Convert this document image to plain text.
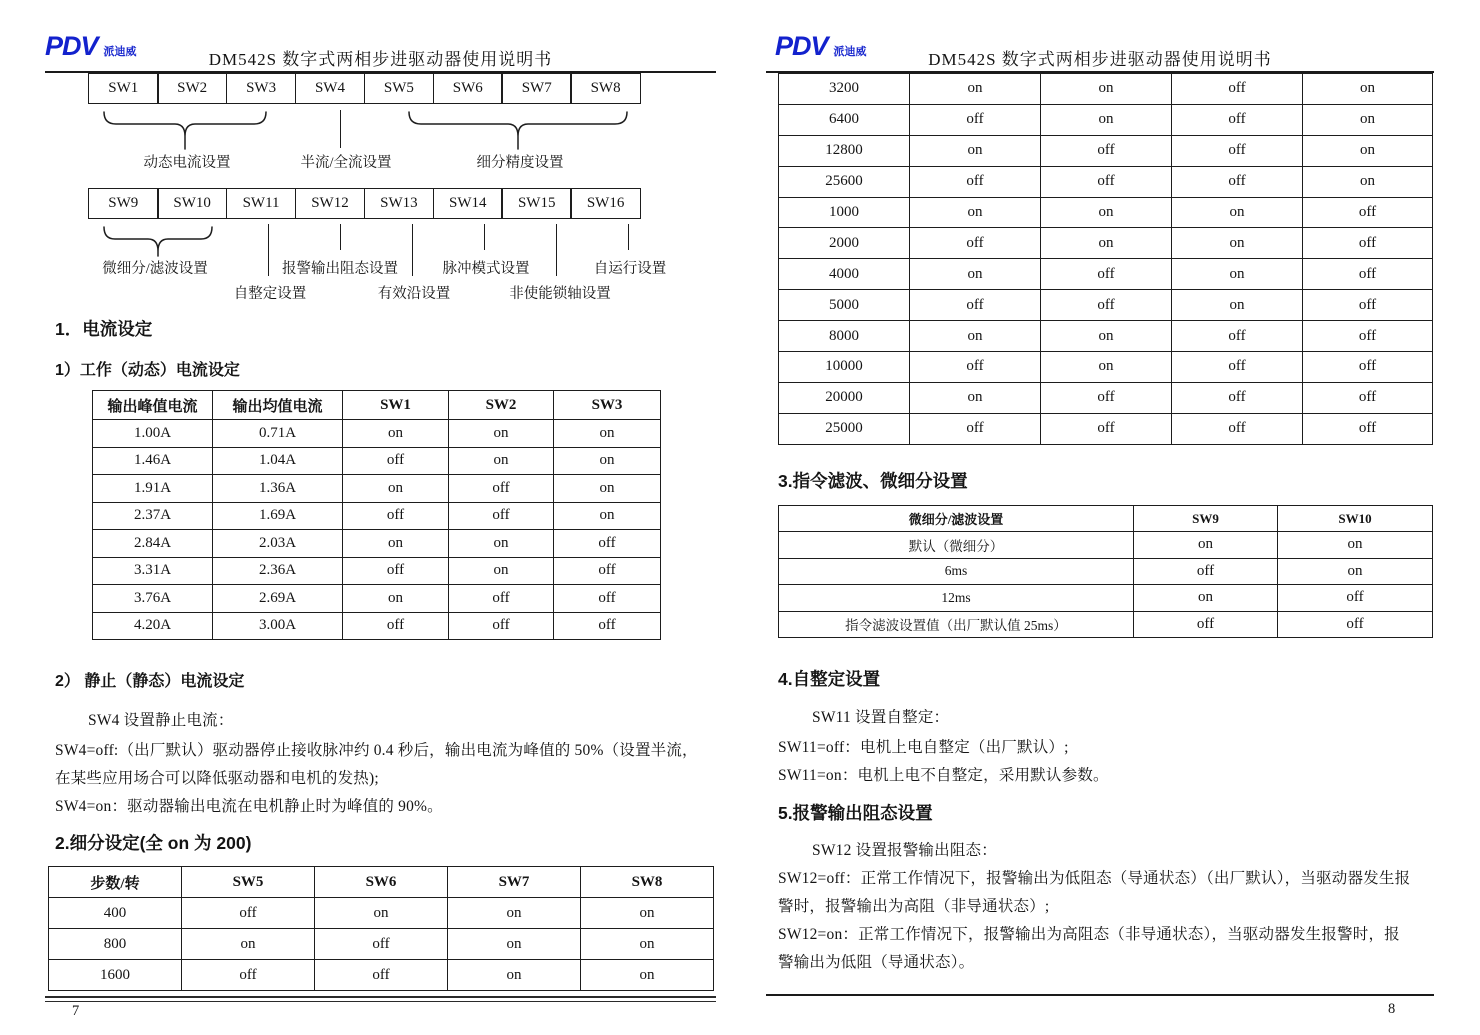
PDV 派迪威	DM542S 数字式两相步进驱动器使用说明书
SW1	SW2	SW3	SW4	SW5	SW6	SW7	SW8
动态电流设置	半流/全流设置	细分精度设置
SW9	SW10	SW11	SW12	SW13	SW14	SW15	SW16
微细分/滤波设置
自整定设置
报警输出阻态设置
有效沿设置
脉冲模式设置
非使能锁轴设置
自运行设置
1．电流设定
1）工作（动态）电流设定
输出峰值电流	输出均值电流	SW1	SW2	SW3
1.00A	0.71A	on	on	on
1.46A	1.04A	off	on	on
1.91A	1.36A	on	off	on
2.37A	1.69A	off	off	on
2.84A	2.03A	on	on	off
3.31A	2.36A	off	on	off
3.76A	2.69A	on	off	off
4.20A	3.00A	off	off	off
2） 静止（静态）电流设定
SW4 设置静止电流：
SW4=off:（出厂默认）驱动器停止接收脉冲约 0.4 秒后，输出电流为峰值的 50%（设置半流，
在某些应用场合可以降低驱动器和电机的发热);
SW4=on：驱动器输出电流在电机静止时为峰值的 90%。
2.细分设定(全 on 为 200)
步数/转	SW5	SW6	SW7	SW8
400	off	on	on	on
800	on	off	on	on
1600	off	off	on	on
7
PDV 派迪威	DM542S 数字式两相步进驱动器使用说明书
3200	on	on	off	on
6400	off	on	off	on
12800	on	off	off	on
25600	off	off	off	on
1000	on	on	on	off
2000	off	on	on	off
4000	on	off	on	off
5000	off	off	on	off
8000	on	on	off	off
10000	off	on	off	off
20000	on	off	off	off
25000	off	off	off	off
3.指令滤波、微细分设置
微细分/滤波设置	SW9	SW10
默认（微细分）	on	on
6ms	off	on
12ms	on	off
指令滤波设置值（出厂默认值 25ms）	off	off
4.自整定设置
SW11 设置自整定：
SW11=off：电机上电自整定（出厂默认）;
SW11=on：电机上电不自整定，采用默认参数。
5.报警输出阻态设置
SW12 设置报警输出阻态：
SW12=off：正常工作情况下，报警输出为低阻态（导通状态）（出厂默认），当驱动器发生报
警时，报警输出为高阻（非导通状态）;
SW12=on：正常工作情况下，报警输出为高阻态（非导通状态），当驱动器发生报警时，报
警输出为低阻（导通状态）。
8
